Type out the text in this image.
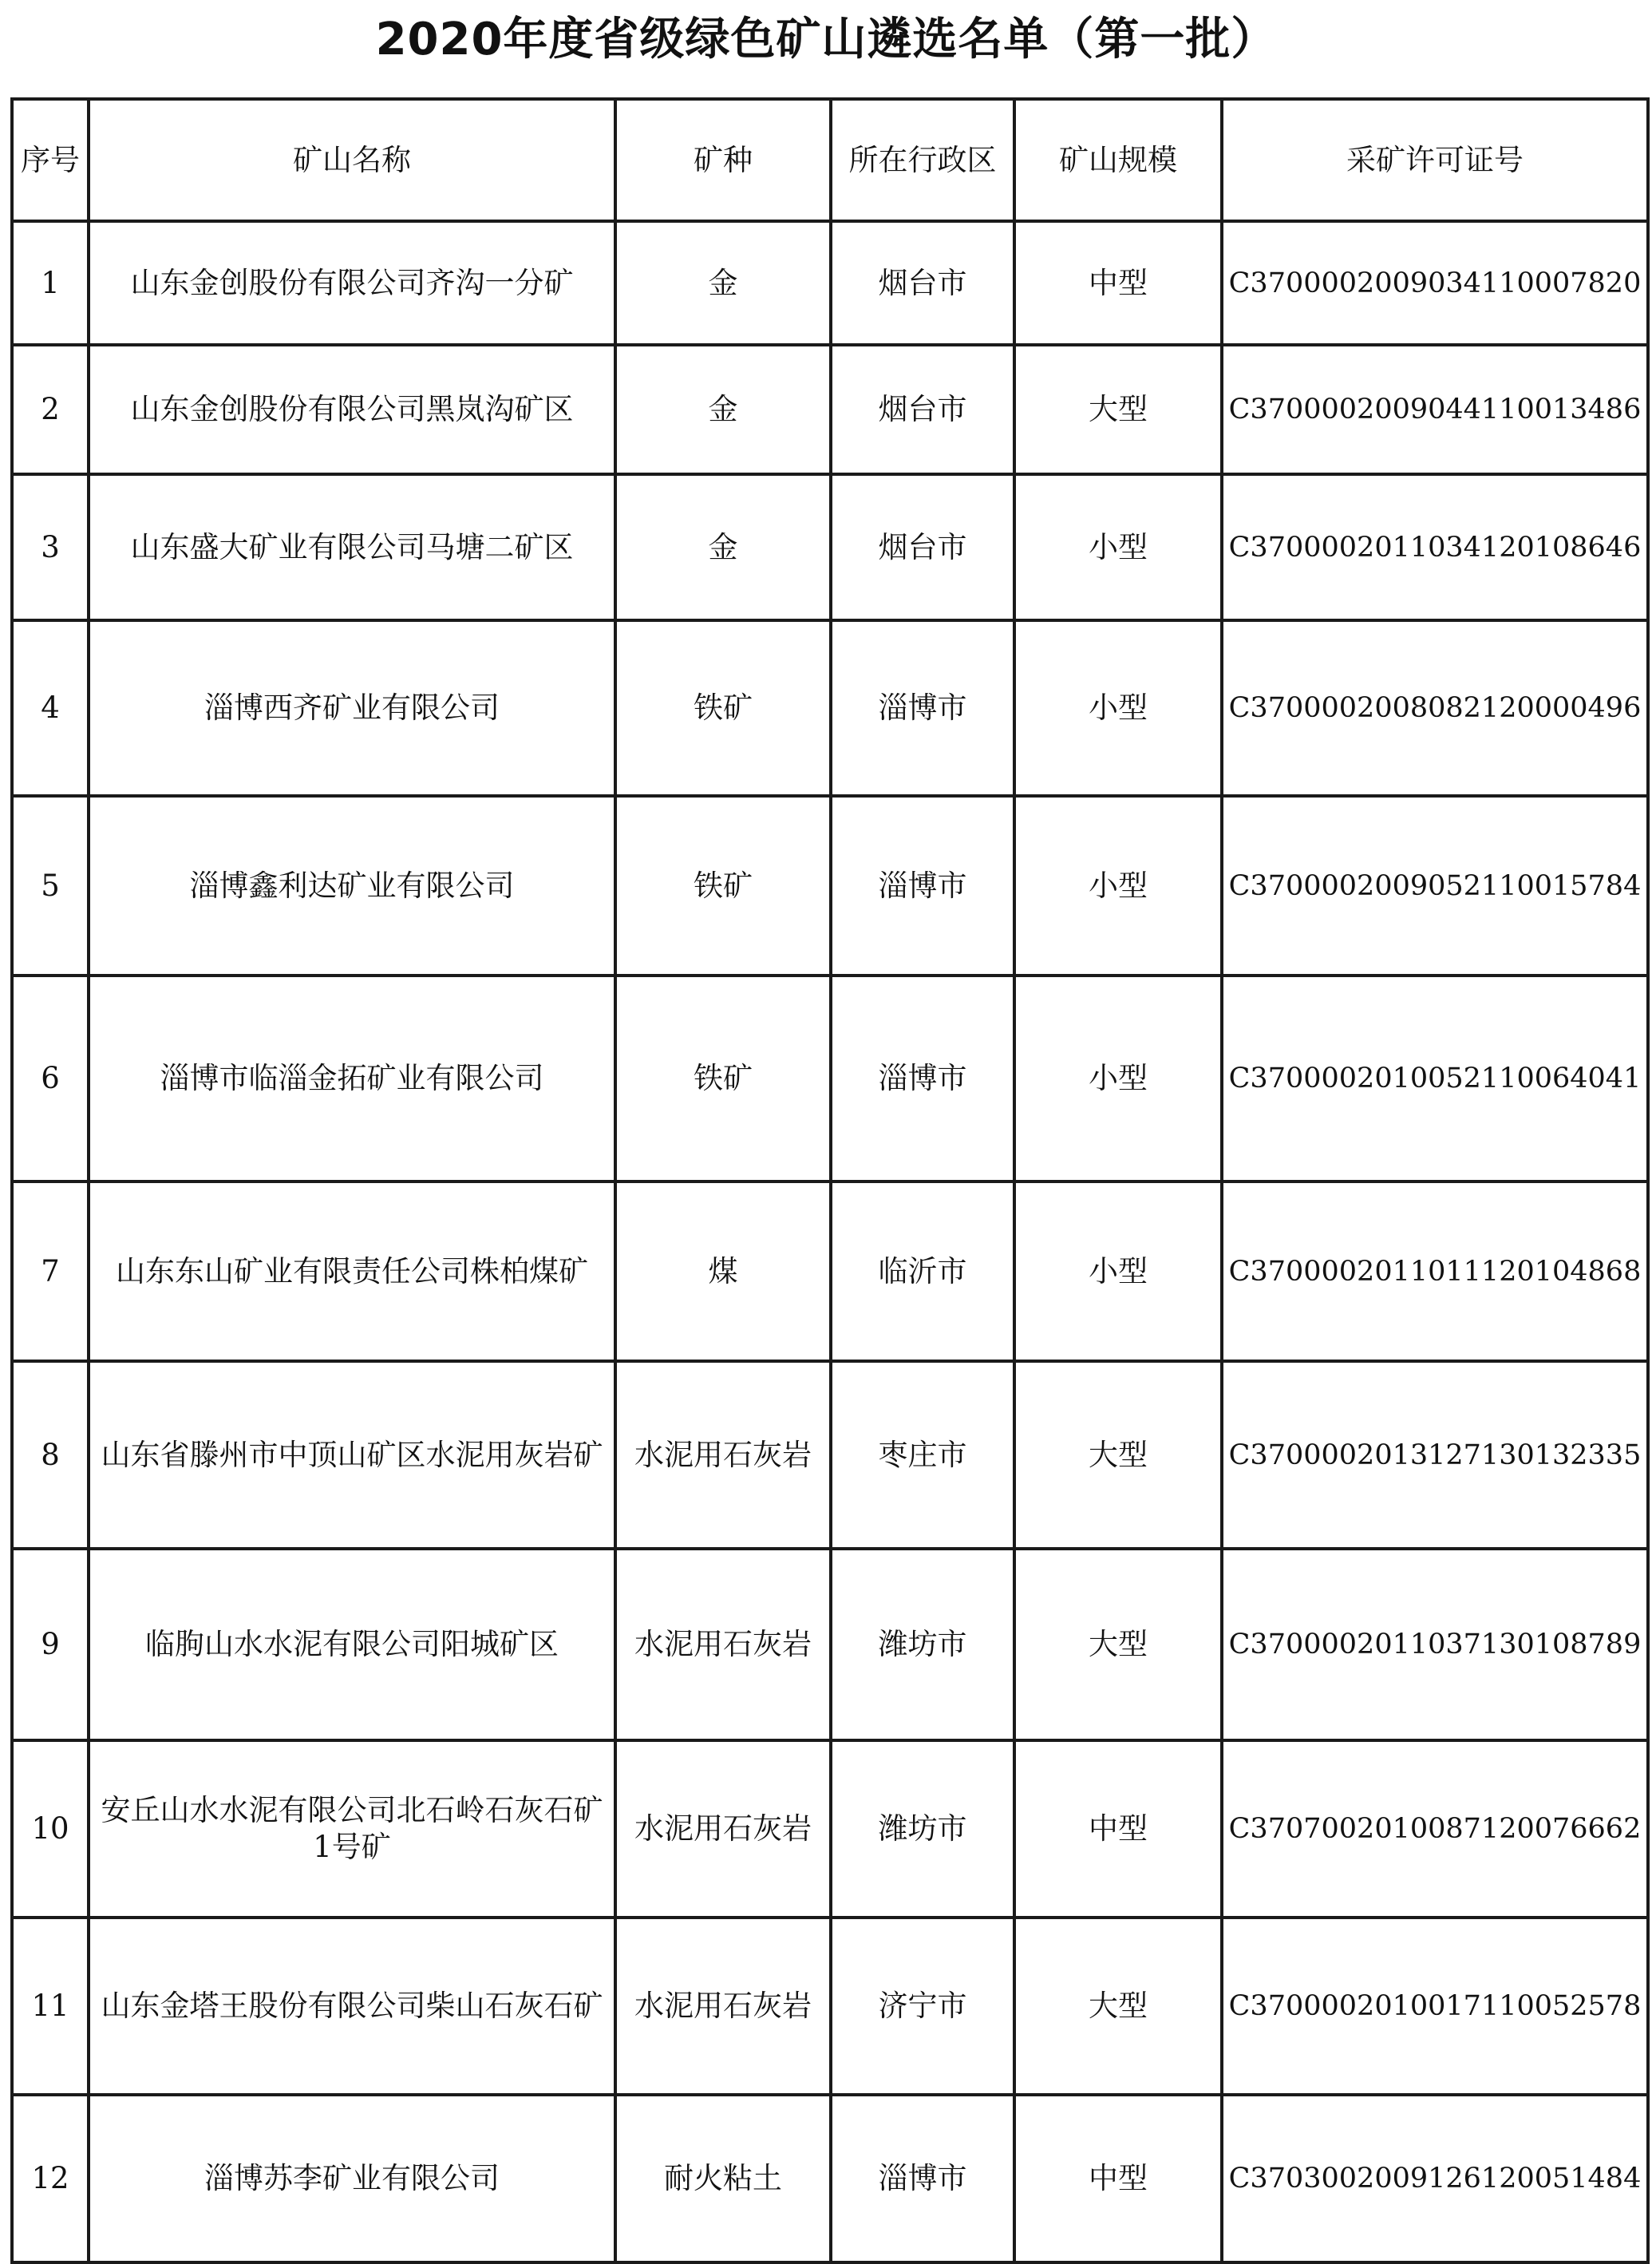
2020年度省级绿色矿山遴选名单（第一批）
序号	矿山名称	矿种	所在行政区	矿山规模	采矿许可证号
1	山东金创股份有限公司齐沟一分矿	金	烟台市	中型	C3700002009034110007820
2	山东金创股份有限公司黑岚沟矿区	金	烟台市	大型	C3700002009044110013486
3	山东盛大矿业有限公司马塘二矿区	金	烟台市	小型	C3700002011034120108646
4	淄博西齐矿业有限公司	铁矿	淄博市	小型	C3700002008082120000496
5	淄博鑫利达矿业有限公司	铁矿	淄博市	小型	C3700002009052110015784
6	淄博市临淄金拓矿业有限公司	铁矿	淄博市	小型	C3700002010052110064041
7	山东东山矿业有限责任公司株柏煤矿	煤	临沂市	小型	C3700002011011120104868
8	山东省滕州市中顶山矿区水泥用灰岩矿	水泥用石灰岩	枣庄市	大型	C3700002013127130132335
9	临朐山水水泥有限公司阳城矿区	水泥用石灰岩	潍坊市	大型	C3700002011037130108789
10	安丘山水水泥有限公司北石岭石灰石矿1号矿	水泥用石灰岩	潍坊市	中型	C3707002010087120076662
11	山东金塔王股份有限公司柴山石灰石矿	水泥用石灰岩	济宁市	大型	C3700002010017110052578
12	淄博苏李矿业有限公司	耐火粘土	淄博市	中型	C3703002009126120051484
